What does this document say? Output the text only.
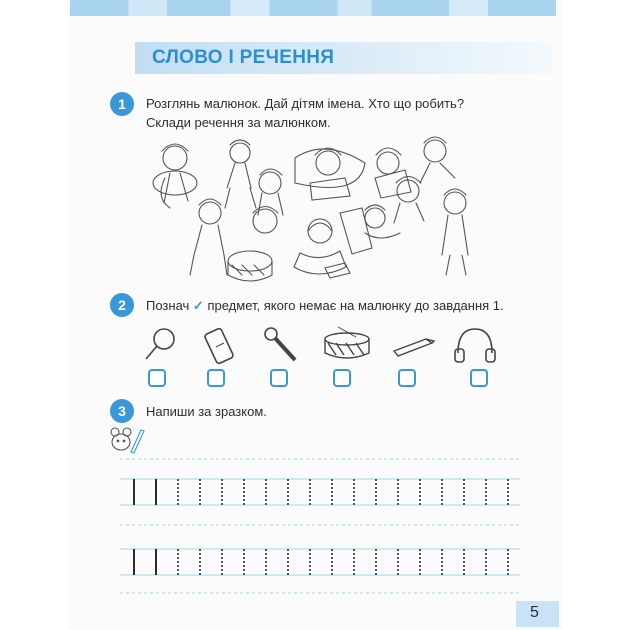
СЛОВО І РЕЧЕННЯ
1	Розглянь малюнок. Дай дітям імена. Хто що робить?
Склади речення за малюнком.
2	Познач ✓ предмет, якого немає на малюнку до завдання 1.
3	Напиши за зразком.
5
